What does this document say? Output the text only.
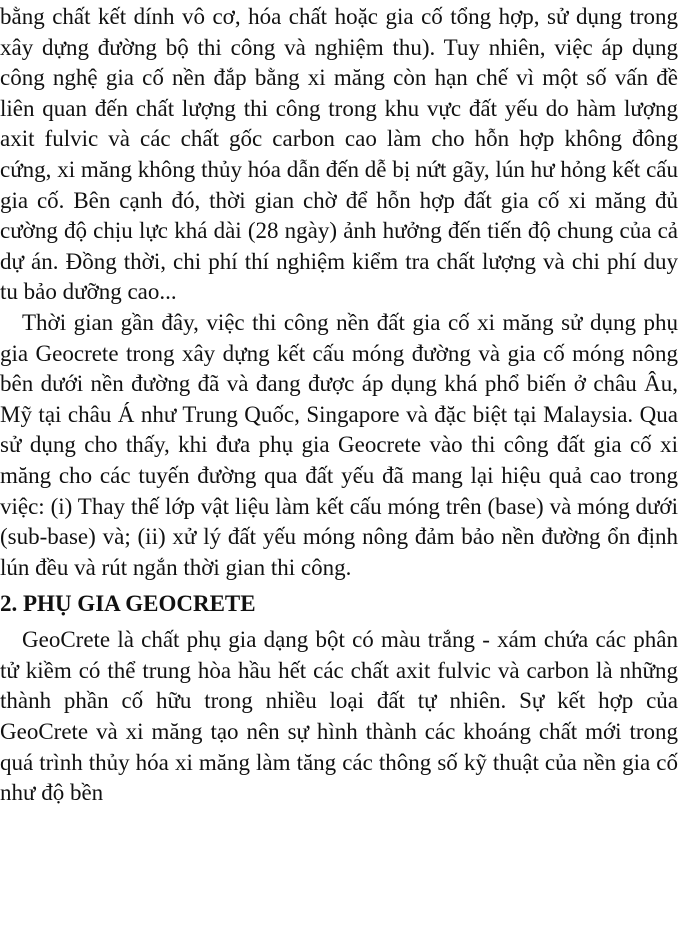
bằng chất kết dính vô cơ, hóa chất hoặc gia cố tổng hợp, sử dụng trong xây dựng đường bộ thi công và nghiệm thu). Tuy nhiên, việc áp dụng công nghệ gia cố nền đắp bằng xi măng còn hạn chế vì một số vấn đề liên quan đến chất lượng thi công trong khu vực đất yếu do hàm lượng axit fulvic và các chất gốc carbon cao làm cho hỗn hợp không đông cứng, xi măng không thủy hóa dẫn đến dễ bị nứt gãy, lún hư hỏng kết cấu gia cố. Bên cạnh đó, thời gian chờ để hỗn hợp đất gia cố xi măng đủ cường độ chịu lực khá dài (28 ngày) ảnh hưởng đến tiến độ chung của cả dự án. Đồng thời, chi phí thí nghiệm kiểm tra chất lượng và chi phí duy tu bảo dưỡng cao...

Thời gian gần đây, việc thi công nền đất gia cố xi măng sử dụng phụ gia Geocrete trong xây dựng kết cấu móng đường và gia cố móng nông bên dưới nền đường đã và đang được áp dụng khá phổ biến ở châu Âu, Mỹ tại châu Á như Trung Quốc, Singapore và đặc biệt tại Malaysia. Qua sử dụng cho thấy, khi đưa phụ gia Geocrete vào thi công đất gia cố xi măng cho các tuyến đường qua đất yếu đã mang lại hiệu quả cao trong việc: (i) Thay thế lớp vật liệu làm kết cấu móng trên (base) và móng dưới (sub-base) và; (ii) xử lý đất yếu móng nông đảm bảo nền đường ổn định lún đều và rút ngắn thời gian thi công.

2. PHỤ GIA GEOCRETE

GeoCrete là chất phụ gia dạng bột có màu trắng - xám chứa các phân tử kiềm có thể trung hòa hầu hết các chất axit fulvic và carbon là những thành phần cố hữu trong nhiều loại đất tự nhiên. Sự kết hợp của GeoCrete và xi măng tạo nên sự hình thành các khoáng chất mới trong quá trình thủy hóa xi măng làm tăng các thông số kỹ thuật của nền gia cố như độ bền
